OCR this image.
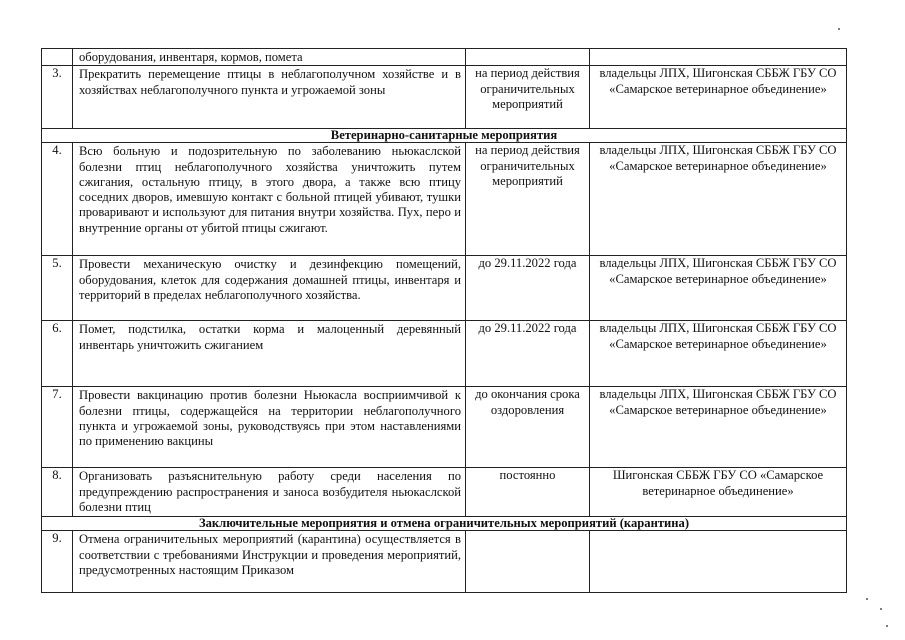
	оборудования, инвентаря, кормов, помета		
3.	Прекратить перемещение птицы в неблагополучном хозяйстве и в хозяйствах неблагополучного пункта и угрожаемой зоны	на период действия ограничительных мероприятий	владельцы ЛПХ, Шигонская СББЖ ГБУ СО «Самарское ветеринарное объединение»
Ветеринарно-санитарные мероприятия			
4.	Всю больную и подозрительную по заболеванию ньюкаслской болезни птиц неблагополучного хозяйства уничтожить путем сжигания, остальную птицу, в этого двора, а также всю птицу соседних дворов, имевшую контакт с больной птицей убивают, тушки проваривают и используют для питания внутри хозяйства. Пух, перо и внутренние органы от убитой птицы сжигают.	на период действия ограничительных мероприятий	владельцы ЛПХ, Шигонская СББЖ ГБУ СО «Самарское ветеринарное объединение»
5.	Провести механическую очистку и дезинфекцию помещений, оборудования, клеток для содержания домашней птицы, инвентаря и территорий в пределах неблагополучного хозяйства.	до 29.11.2022 года	владельцы ЛПХ, Шигонская СББЖ ГБУ СО «Самарское ветеринарное объединение»
6.	Помет, подстилка, остатки корма и малоценный деревянный инвентарь уничтожить сжиганием	до 29.11.2022 года	владельцы ЛПХ, Шигонская СББЖ ГБУ СО «Самарское ветеринарное объединение»
7.	Провести вакцинацию против болезни Ньюкасла восприимчивой к болезни птицы, содержащейся на территории неблагополучного пункта и угрожаемой зоны, руководствуясь при этом наставлениями по применению вакцины	до окончания срока оздоровления	владельцы ЛПХ, Шигонская СББЖ ГБУ СО «Самарское ветеринарное объединение»
8.	Организовать разъяснительную работу среди населения по предупреждению распространения и заноса возбудителя ньюкаслской болезни птиц	постоянно	Шигонская СББЖ ГБУ СО «Самарское ветеринарное объединение»
Заключительные мероприятия и отмена ограничительных мероприятий (карантина)			
9.	Отмена ограничительных мероприятий (карантина) осуществляется в соответствии с требованиями Инструкции и проведения мероприятий, предусмотренных настоящим Приказом		
